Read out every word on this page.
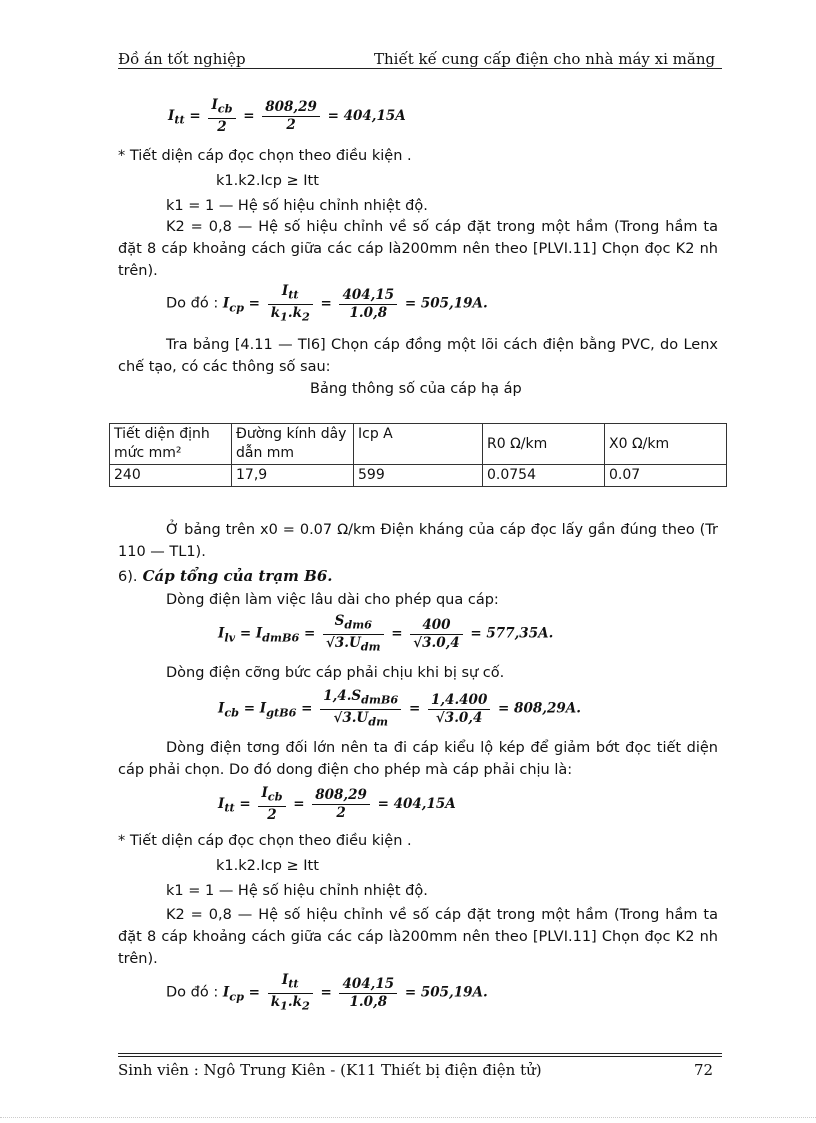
Đồ án tốt nghiệp	Thiết kế cung cấp điện cho nhà máy xi măng
$I_{tt} = \frac{I_{cb}}{2} = \frac{808,29}{2} = 404,15A$
* Tiết diện cáp đọc chọn theo điều kiện .
k1.k2.Icp ≥ Itt
k1 = 1 — Hệ số hiệu chỉnh nhiệt độ.
K2 = 0,8 — Hệ số hiệu chỉnh về số cáp đặt trong một hầm (Trong hầm ta đặt 8 cáp khoảng cách giữa các cáp là200mm nên theo [PLVI.11] Chọn đọc K2 nh trên).
Do đó : $I_{cp} = \frac{I_{tt}}{k_1.k_2} = \frac{404,15}{1.0,8} = 505,19A$.
Tra bảng [4.11 — Tl6] Chọn cáp đồng một lõi cách điện bằng PVC, do Lenx chế tạo, có các thông số sau:
Bảng thông số của cáp hạ áp
Tiết diện định mức mm²	Đường kính dây dẫn mm	Icp A	R0 Ω/km	X0 Ω/km
240	17,9	599	0.0754	0.07
Ở bảng trên x0 = 0.07 Ω/km Điện kháng của cáp đọc lấy gần đúng theo (Tr 110 — TL1).
6). Cáp tổng của trạm B6.
Dòng điện làm việc lâu dài cho phép qua cáp:
$I_{lv} = I_{dmB6} = \frac{S_{dm6}}{√3.U_{dm}} = \frac{400}{√3.0,4} = 577,35A$.
Dòng điện cỡng bức cáp phải chịu khi bị sự cố.
$I_{cb} = I_{gtB6} = \frac{1,4.S_{dmB6}}{√3.U_{dm}} = \frac{1,4.400}{√3.0,4} = 808,29A$.
Dòng điện tơng đối lớn nên ta đi cáp kiểu lộ kép để giảm bớt đọc tiết diện cáp phải chọn. Do đó dong điện cho phép mà cáp phải chịu là:
$I_{tt} = \frac{I_{cb}}{2} = \frac{808,29}{2} = 404,15A$
* Tiết diện cáp đọc chọn theo điều kiện .
k1.k2.Icp ≥ Itt
k1 = 1 — Hệ số hiệu chỉnh nhiệt độ.
K2 = 0,8 — Hệ số hiệu chỉnh về số cáp đặt trong một hầm (Trong hầm ta đặt 8 cáp khoảng cách giữa các cáp là200mm nên theo [PLVI.11] Chọn đọc K2 nh trên).
Do đó : $I_{cp} = \frac{I_{tt}}{k_1.k_2} = \frac{404,15}{1.0,8} = 505,19A$.
Sinh viên : Ngô Trung Kiên - (K11 Thiết bị điện điện tử)	72
